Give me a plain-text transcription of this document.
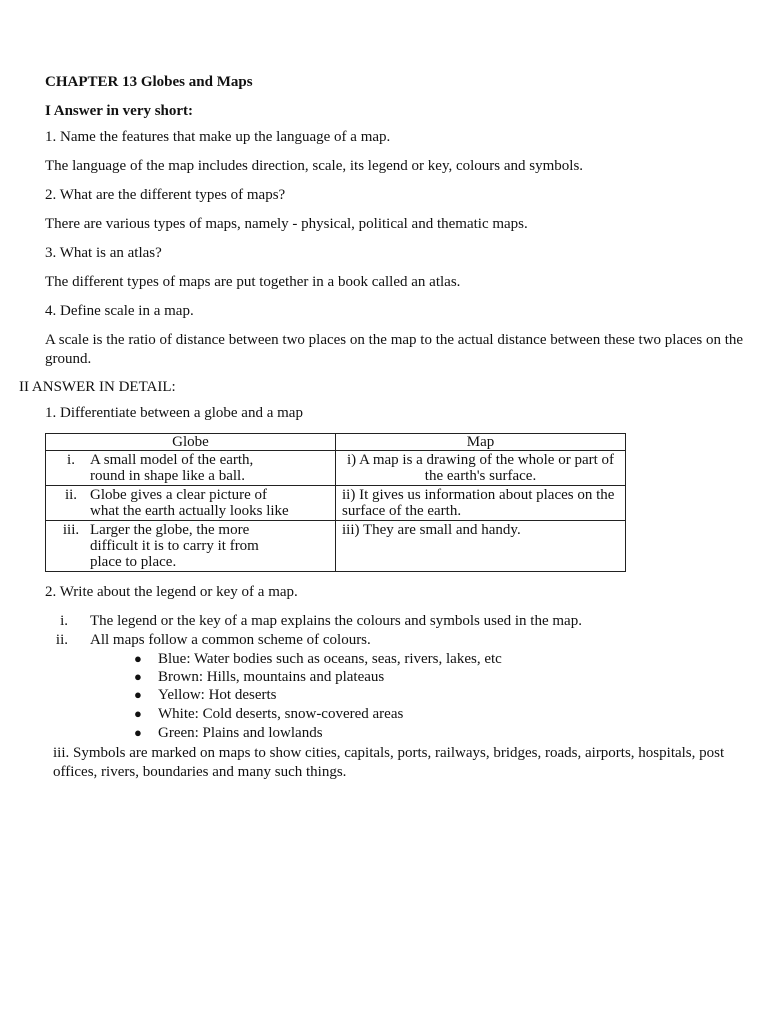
CHAPTER 13 Globes and Maps
I Answer in very short:
1. Name the features that make up the language of a map.
The language of the map includes direction, scale, its legend or key, colours and symbols.
2. What are the different types of maps?
There are various types of maps, namely - physical, political and thematic maps.
3. What is an atlas?
The different types of maps are put together in a book called an atlas.
4. Define scale in a map.
A scale is the ratio of distance between two places on the map to the actual distance between these two places on the ground.
II ANSWER IN DETAIL:
1. Differentiate between a globe and a map
Globe	Map
i. A small model of the earth, round in shape like a ball.	i) A map is a drawing of the whole or part of the earth's surface.
ii. Globe gives a clear picture of what the earth actually looks like	ii) It gives us information about places on the surface of the earth.
iii. Larger the globe, the more difficult it is to carry it from place to place.	iii) They are small and handy.
2. Write about the legend or key of a map.
i. The legend or the key of a map explains the colours and symbols used in the map.
ii. All maps follow a common scheme of colours.
● Blue: Water bodies such as oceans, seas, rivers, lakes, etc
● Brown: Hills, mountains and plateaus
● Yellow: Hot deserts
● White: Cold deserts, snow-covered areas
● Green: Plains and lowlands
iii. Symbols are marked on maps to show cities, capitals, ports, railways, bridges, roads, airports, hospitals, post offices, rivers, boundaries and many such things.
